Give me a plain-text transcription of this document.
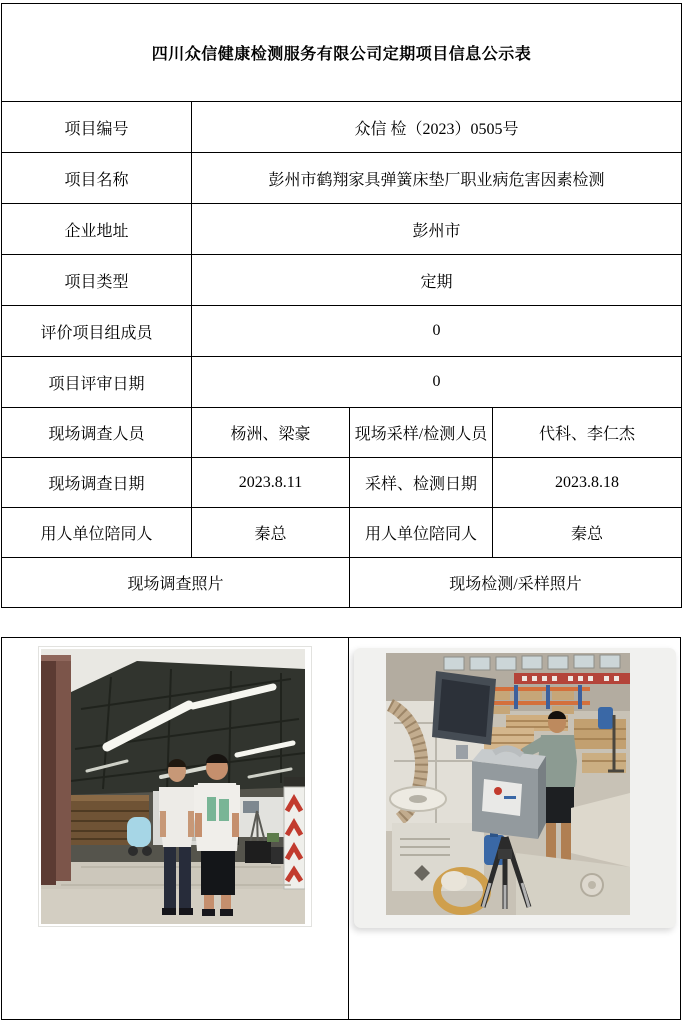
四川众信健康检测服务有限公司定期项目信息公示表			
项目编号	众信 检（2023）0505号		
项目名称	彭州市鹤翔家具弹簧床垫厂职业病危害因素检测		
企业地址	彭州市		
项目类型	定期		
评价项目组成员	0		
项目评审日期	0		
现场调查人员	杨洲、梁豪	现场采样/检测人员	代科、李仁杰
现场调查日期	2023.8.11	采样、检测日期	2023.8.18
用人单位陪同人	秦总	用人单位陪同人	秦总
现场调查照片		现场检测/采样照片	
